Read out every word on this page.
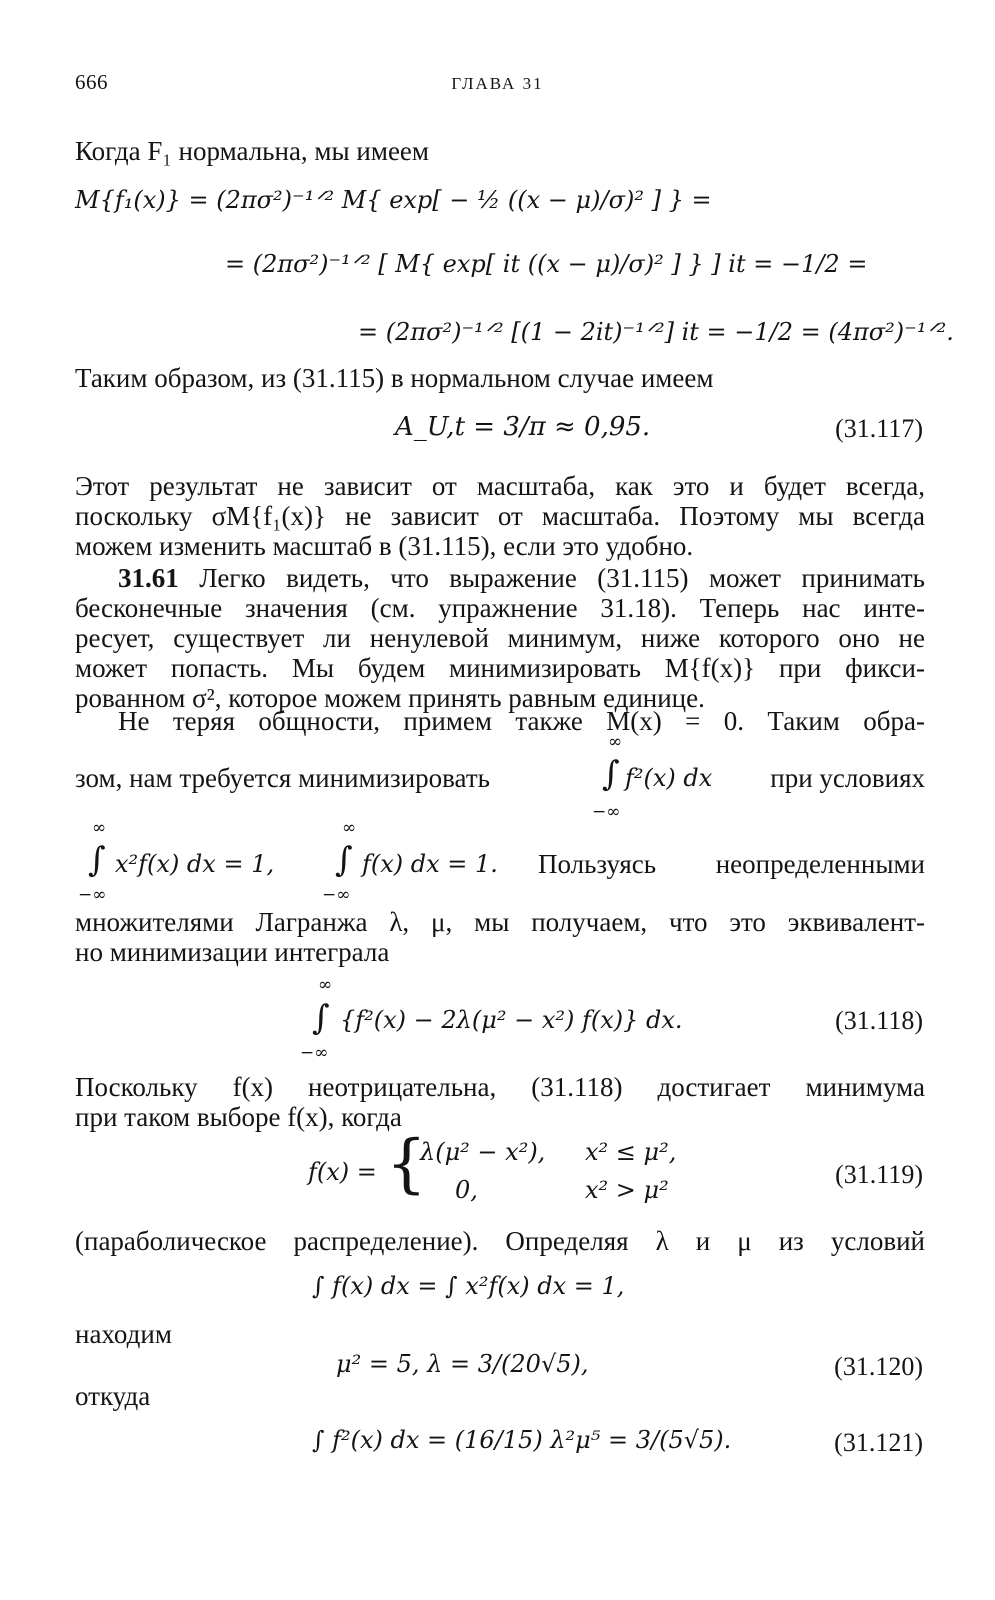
666	ГЛАВА 31
Когда F₁ нормальна, мы имеем
M{f₁(x)} = (2πσ²)⁻¹ᐟ² M{ exp[ − ½ ((x − μ)/σ)² ] } =
= (2πσ²)⁻¹ᐟ² [ M{ exp[ it ((x − μ)/σ)² ] } ] it = −1/2 =
= (2πσ²)⁻¹ᐟ² [(1 − 2it)⁻¹ᐟ²] it = −1/2 = (4πσ²)⁻¹ᐟ².
Таким образом, из (31.115) в нормальном случае имеем
A_U,t = 3/π ≈ 0,95.	(31.117)
Этот результат не зависит от масштаба, как это и будет всегда,
поскольку σM{f₁(x)} не зависит от масштаба. Поэтому мы всегда
можем изменить масштаб в (31.115), если это удобно.
31.61 Легко видеть, что выражение (31.115) может принимать
бесконечные значения (см. упражнение 31.18). Теперь нас инте-
ресует, существует ли ненулевой минимум, ниже которого оно не
может попасть. Мы будем минимизировать M{f(x)} при фикси-
рованном σ², которое можем принять равным единице.
Не теряя общности, примем также M(x) = 0. Таким обра-
∞
зом, нам требуется минимизировать	∫ f²(x) dx	при условиях
−∞
∞
∫ x²f(x) dx = 1,
−∞
∞
∫ f(x) dx = 1.
−∞
Пользуясь неопределенными
множителями Лагранжа λ, μ, мы получаем, что это эквивалент-
но минимизации интеграла
∞
∫ {f²(x) − 2λ(μ² − x²) f(x)} dx.
−∞
(31.118)
Поскольку f(x) неотрицательна, (31.118) достигает минимума
при таком выборе f(x), когда
f(x) = {
λ(μ² − x²), x² ≤ μ²,
0,	x² > μ²
(31.119)
(параболическое распределение). Определяя λ и μ из условий
∫ f(x) dx = ∫ x²f(x) dx = 1,
находим
μ² = 5, λ = 3/(20√5),	(31.120)
откуда
∫ f²(x) dx = (16/15) λ²μ⁵ = 3/(5√5).	(31.121)
